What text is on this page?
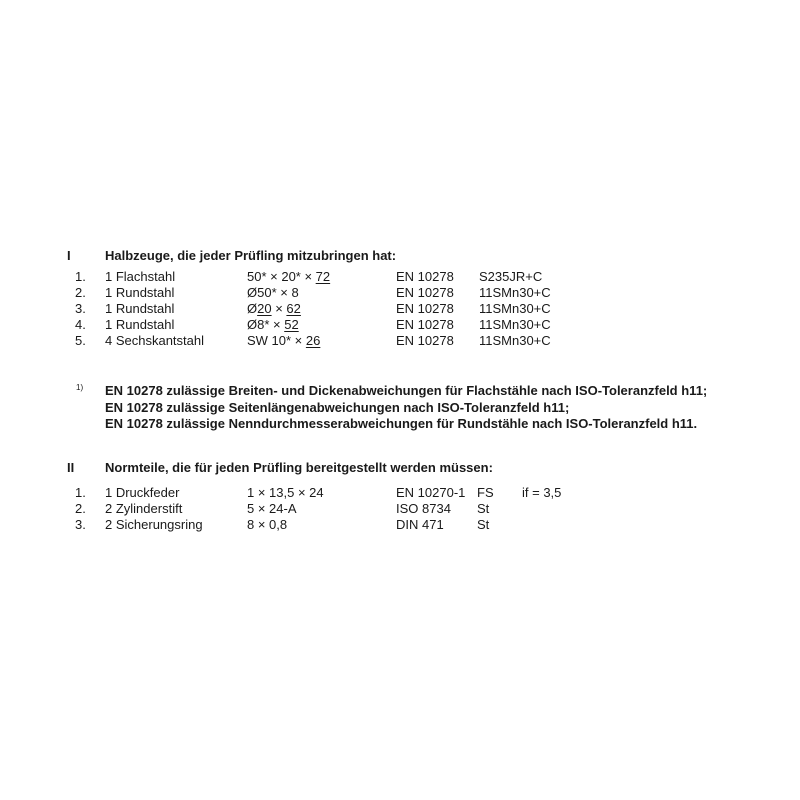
I	Halbzeuge, die jeder Prüfling mitzubringen hat:
1. 1 Flachstahl	50* × 20* × 72	EN 10278 S235JR+C
2. 1 Rundstahl	Ø50* × 8	EN 10278 11SMn30+C
3. 1 Rundstahl	Ø20 × 62	EN 10278 11SMn30+C
4. 1 Rundstahl	Ø8* × 52	EN 10278 11SMn30+C
5. 4 Sechskantstahl	SW 10* × 26	EN 10278 11SMn30+C
1) EN 10278 zulässige Breiten- und Dickenabweichungen für Flachstähle nach ISO-Toleranzfeld h11;
EN 10278 zulässige Seitenlängenabweichungen nach ISO-Toleranzfeld h11;
EN 10278 zulässige Nenndurchmesserabweichungen für Rundstähle nach ISO-Toleranzfeld h11.
II Normteile, die für jeden Prüfling bereitgestellt werden müssen:
1. 1 Druckfeder	1 × 13,5 × 24	EN 10270-1 FS if = 3,5
2. 2 Zylinderstift	5 × 24-A	ISO 8734 St
3. 2 Sicherungsring	8 × 0,8	DIN 471	St
